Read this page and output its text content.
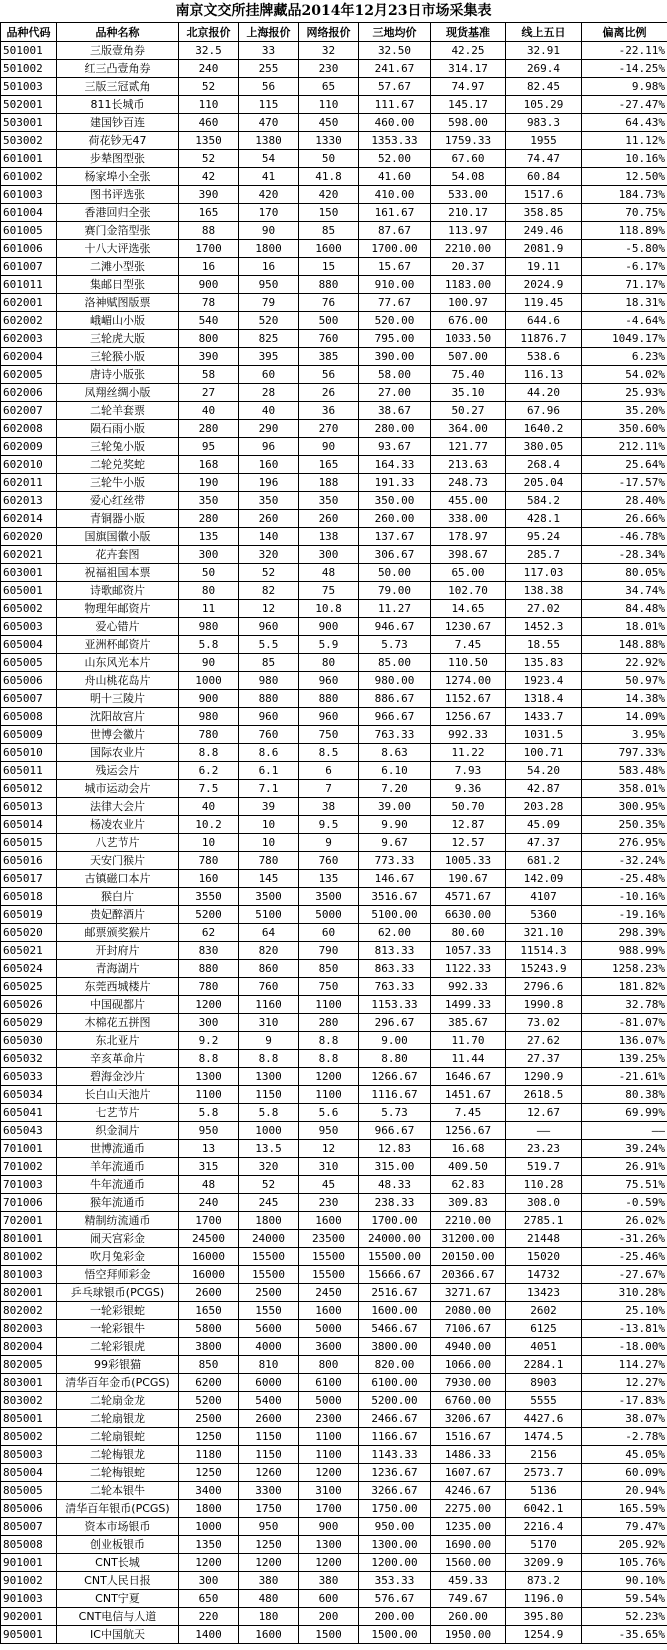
南京文交所挂牌藏品2014年12月23日市场采集表
品种代码	品种名称	北京报价	上海报价	网络报价	三地均价	现货基准	线上五日	偏离比例
501001	三版壹角券	32.5	33	32	32.50	42.25	32.91	-22.11%
501002	红三凸壹角券	240	255	230	241.67	314.17	269.4	-14.25%
501003	三版三冠贰角	52	56	65	57.67	74.97	82.45	9.98%
502001	811长城币	110	115	110	111.67	145.17	105.29	-27.47%
503001	建国钞百连	460	470	450	460.00	598.00	983.3	64.43%
503002	荷花钞无47	1350	1380	1330	1353.33	1759.33	1955	11.12%
601001	步辇图型张	52	54	50	52.00	67.60	74.47	10.16%
601002	杨家埠小全张	42	41	41.8	41.60	54.08	60.84	12.50%
601003	图书评选张	390	420	420	410.00	533.00	1517.6	184.73%
601004	香港回归全张	165	170	150	161.67	210.17	358.85	70.75%
601005	赛门金箔型张	88	90	85	87.67	113.97	249.46	118.89%
601006	十八大评选张	1700	1800	1600	1700.00	2210.00	2081.9	-5.80%
601007	二滩小型张	16	16	15	15.67	20.37	19.11	-6.17%
601011	集邮日型张	900	950	880	910.00	1183.00	2024.9	71.17%
602001	洛神赋图版票	78	79	76	77.67	100.97	119.45	18.31%
602002	峨嵋山小版	540	520	500	520.00	676.00	644.6	-4.64%
602003	三轮虎大版	800	825	760	795.00	1033.50	11876.7	1049.17%
602004	三轮猴小版	390	395	385	390.00	507.00	538.6	6.23%
602005	唐诗小版张	58	60	56	58.00	75.40	116.13	54.02%
602006	凤翔丝绸小版	27	28	26	27.00	35.10	44.20	25.93%
602007	二轮羊套票	40	40	36	38.67	50.27	67.96	35.20%
602008	陨石雨小版	280	290	270	280.00	364.00	1640.2	350.60%
602009	三轮兔小版	95	96	90	93.67	121.77	380.05	212.11%
602010	二轮兑奖蛇	168	160	165	164.33	213.63	268.4	25.64%
602011	三轮牛小版	190	196	188	191.33	248.73	205.04	-17.57%
602013	爱心红丝带	350	350	350	350.00	455.00	584.2	28.40%
602014	青铜器小版	280	260	260	260.00	338.00	428.1	26.66%
602020	国旗国徽小版	135	140	138	137.67	178.97	95.24	-46.78%
602021	花卉套图	300	320	300	306.67	398.67	285.7	-28.34%
603001	祝福祖国本票	50	52	48	50.00	65.00	117.03	80.05%
605001	诗歌邮资片	80	82	75	79.00	102.70	138.38	34.74%
605002	物理年邮资片	11	12	10.8	11.27	14.65	27.02	84.48%
605003	爱心错片	980	960	900	946.67	1230.67	1452.3	18.01%
605004	亚洲杯邮资片	5.8	5.5	5.9	5.73	7.45	18.55	148.88%
605005	山东风光本片	90	85	80	85.00	110.50	135.83	22.92%
605006	舟山桃花岛片	1000	980	960	980.00	1274.00	1923.4	50.97%
605007	明十三陵片	900	880	880	886.67	1152.67	1318.4	14.38%
605008	沈阳故宫片	980	960	960	966.67	1256.67	1433.7	14.09%
605009	世博会徽片	780	760	750	763.33	992.33	1031.5	3.95%
605010	国际农业片	8.8	8.6	8.5	8.63	11.22	100.71	797.33%
605011	残运会片	6.2	6.1	6	6.10	7.93	54.20	583.48%
605012	城市运动会片	7.5	7.1	7	7.20	9.36	42.87	358.01%
605013	法律大会片	40	39	38	39.00	50.70	203.28	300.95%
605014	杨凌农业片	10.2	10	9.5	9.90	12.87	45.09	250.35%
605015	八艺节片	10	10	9	9.67	12.57	47.37	276.95%
605016	天安门猴片	780	780	760	773.33	1005.33	681.2	-32.24%
605017	古镇磁口本片	160	145	135	146.67	190.67	142.09	-25.48%
605018	猴白片	3550	3500	3500	3516.67	4571.67	4107	-10.16%
605019	贵妃醉酒片	5200	5100	5000	5100.00	6630.00	5360	-19.16%
605020	邮票颁奖猴片	62	64	60	62.00	80.60	321.10	298.39%
605021	开封府片	830	820	790	813.33	1057.33	11514.3	988.99%
605024	青海湖片	880	860	850	863.33	1122.33	15243.9	1258.23%
605025	东莞西城楼片	780	760	750	763.33	992.33	2796.6	181.82%
605026	中国砚都片	1200	1160	1100	1153.33	1499.33	1990.8	32.78%
605029	木棉花五拼图	300	310	280	296.67	385.67	73.02	-81.07%
605030	东北亚片	9.2	9	8.8	9.00	11.70	27.62	136.07%
605032	辛亥革命片	8.8	8.8	8.8	8.80	11.44	27.37	139.25%
605033	碧海金沙片	1300	1300	1200	1266.67	1646.67	1290.9	-21.61%
605034	长白山天池片	1100	1150	1100	1116.67	1451.67	2618.5	80.38%
605041	七艺节片	5.8	5.8	5.6	5.73	7.45	12.67	69.99%
605043	织金洞片	950	1000	950	966.67	1256.67	——	——
701001	世博流通币	13	13.5	12	12.83	16.68	23.23	39.24%
701002	羊年流通币	315	320	310	315.00	409.50	519.7	26.91%
701003	牛年流通币	48	52	45	48.33	62.83	110.28	75.51%
701006	猴年流通币	240	245	230	238.33	309.83	308.0	-0.59%
702001	精制纺流通币	1700	1800	1600	1700.00	2210.00	2785.1	26.02%
801001	闹天宫彩金	24500	24000	23500	24000.00	31200.00	21448	-31.26%
801002	吹月兔彩金	16000	15500	15500	15500.00	20150.00	15020	-25.46%
801003	悟空拜师彩金	16000	15500	15500	15666.67	20366.67	14732	-27.67%
802001	乒乓球银币(PCGS)	2600	2500	2450	2516.67	3271.67	13423	310.28%
802002	一轮彩银蛇	1650	1550	1600	1600.00	2080.00	2602	25.10%
802003	一轮彩银牛	5800	5600	5000	5466.67	7106.67	6125	-13.81%
802004	二轮彩银虎	3800	4000	3600	3800.00	4940.00	4051	-18.00%
802005	99彩银猫	850	810	800	820.00	1066.00	2284.1	114.27%
803001	清华百年金币(PCGS)	6200	6000	6100	6100.00	7930.00	8903	12.27%
803002	二轮扇金龙	5200	5400	5000	5200.00	6760.00	5555	-17.83%
805001	二轮扇银龙	2500	2600	2300	2466.67	3206.67	4427.6	38.07%
805002	二轮扇银蛇	1250	1150	1100	1166.67	1516.67	1474.5	-2.78%
805003	二轮梅银龙	1180	1150	1100	1143.33	1486.33	2156	45.05%
805004	二轮梅银蛇	1250	1260	1200	1236.67	1607.67	2573.7	60.09%
805005	二轮本银牛	3400	3300	3100	3266.67	4246.67	5136	20.94%
805006	清华百年银币(PCGS)	1800	1750	1700	1750.00	2275.00	6042.1	165.59%
805007	资本市场银币	1000	950	900	950.00	1235.00	2216.4	79.47%
805008	创业板银币	1350	1250	1300	1300.00	1690.00	5170	205.92%
901001	CNT长城	1200	1200	1200	1200.00	1560.00	3209.9	105.76%
901002	CNT人民日报	300	380	380	353.33	459.33	873.2	90.10%
901003	CNT宁夏	650	480	600	576.67	749.67	1196.0	59.54%
902001	CNT电信与人道	220	180	200	200.00	260.00	395.80	52.23%
905001	IC中国航天	1400	1600	1500	1500.00	1950.00	1254.9	-35.65%
